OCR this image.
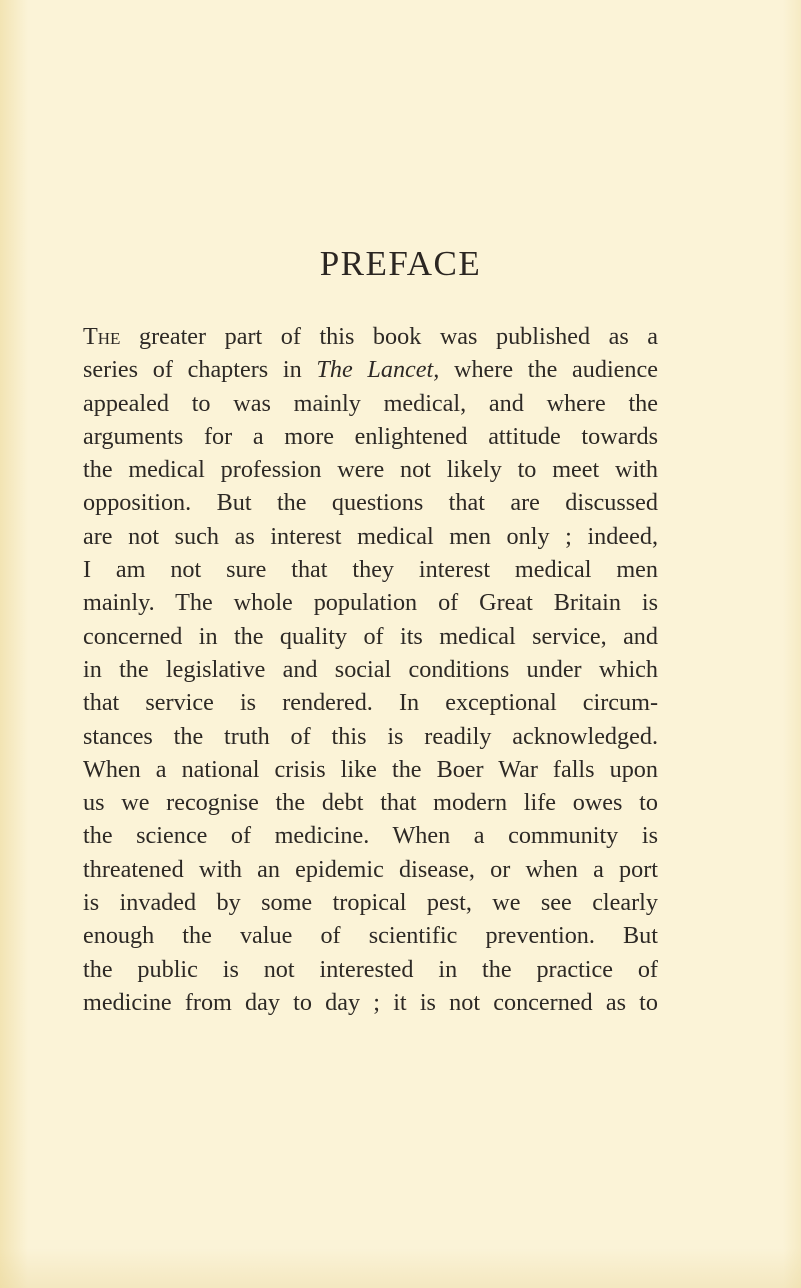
PREFACE
The greater part of this book was published as a
series of chapters in The Lancet, where the audience
appealed to was mainly medical, and where the
arguments for a more enlightened attitude towards
the medical profession were not likely to meet with
opposition. But the questions that are discussed
are not such as interest medical men only ; indeed,
I am not sure that they interest medical men
mainly. The whole population of Great Britain is
concerned in the quality of its medical service, and
in the legislative and social conditions under which
that service is rendered. In exceptional circum-
stances the truth of this is readily acknowledged.
When a national crisis like the Boer War falls upon
us we recognise the debt that modern life owes to
the science of medicine. When a community is
threatened with an epidemic disease, or when a port
is invaded by some tropical pest, we see clearly
enough the value of scientific prevention. But
the public is not interested in the practice of
medicine from day to day ; it is not concerned as to
